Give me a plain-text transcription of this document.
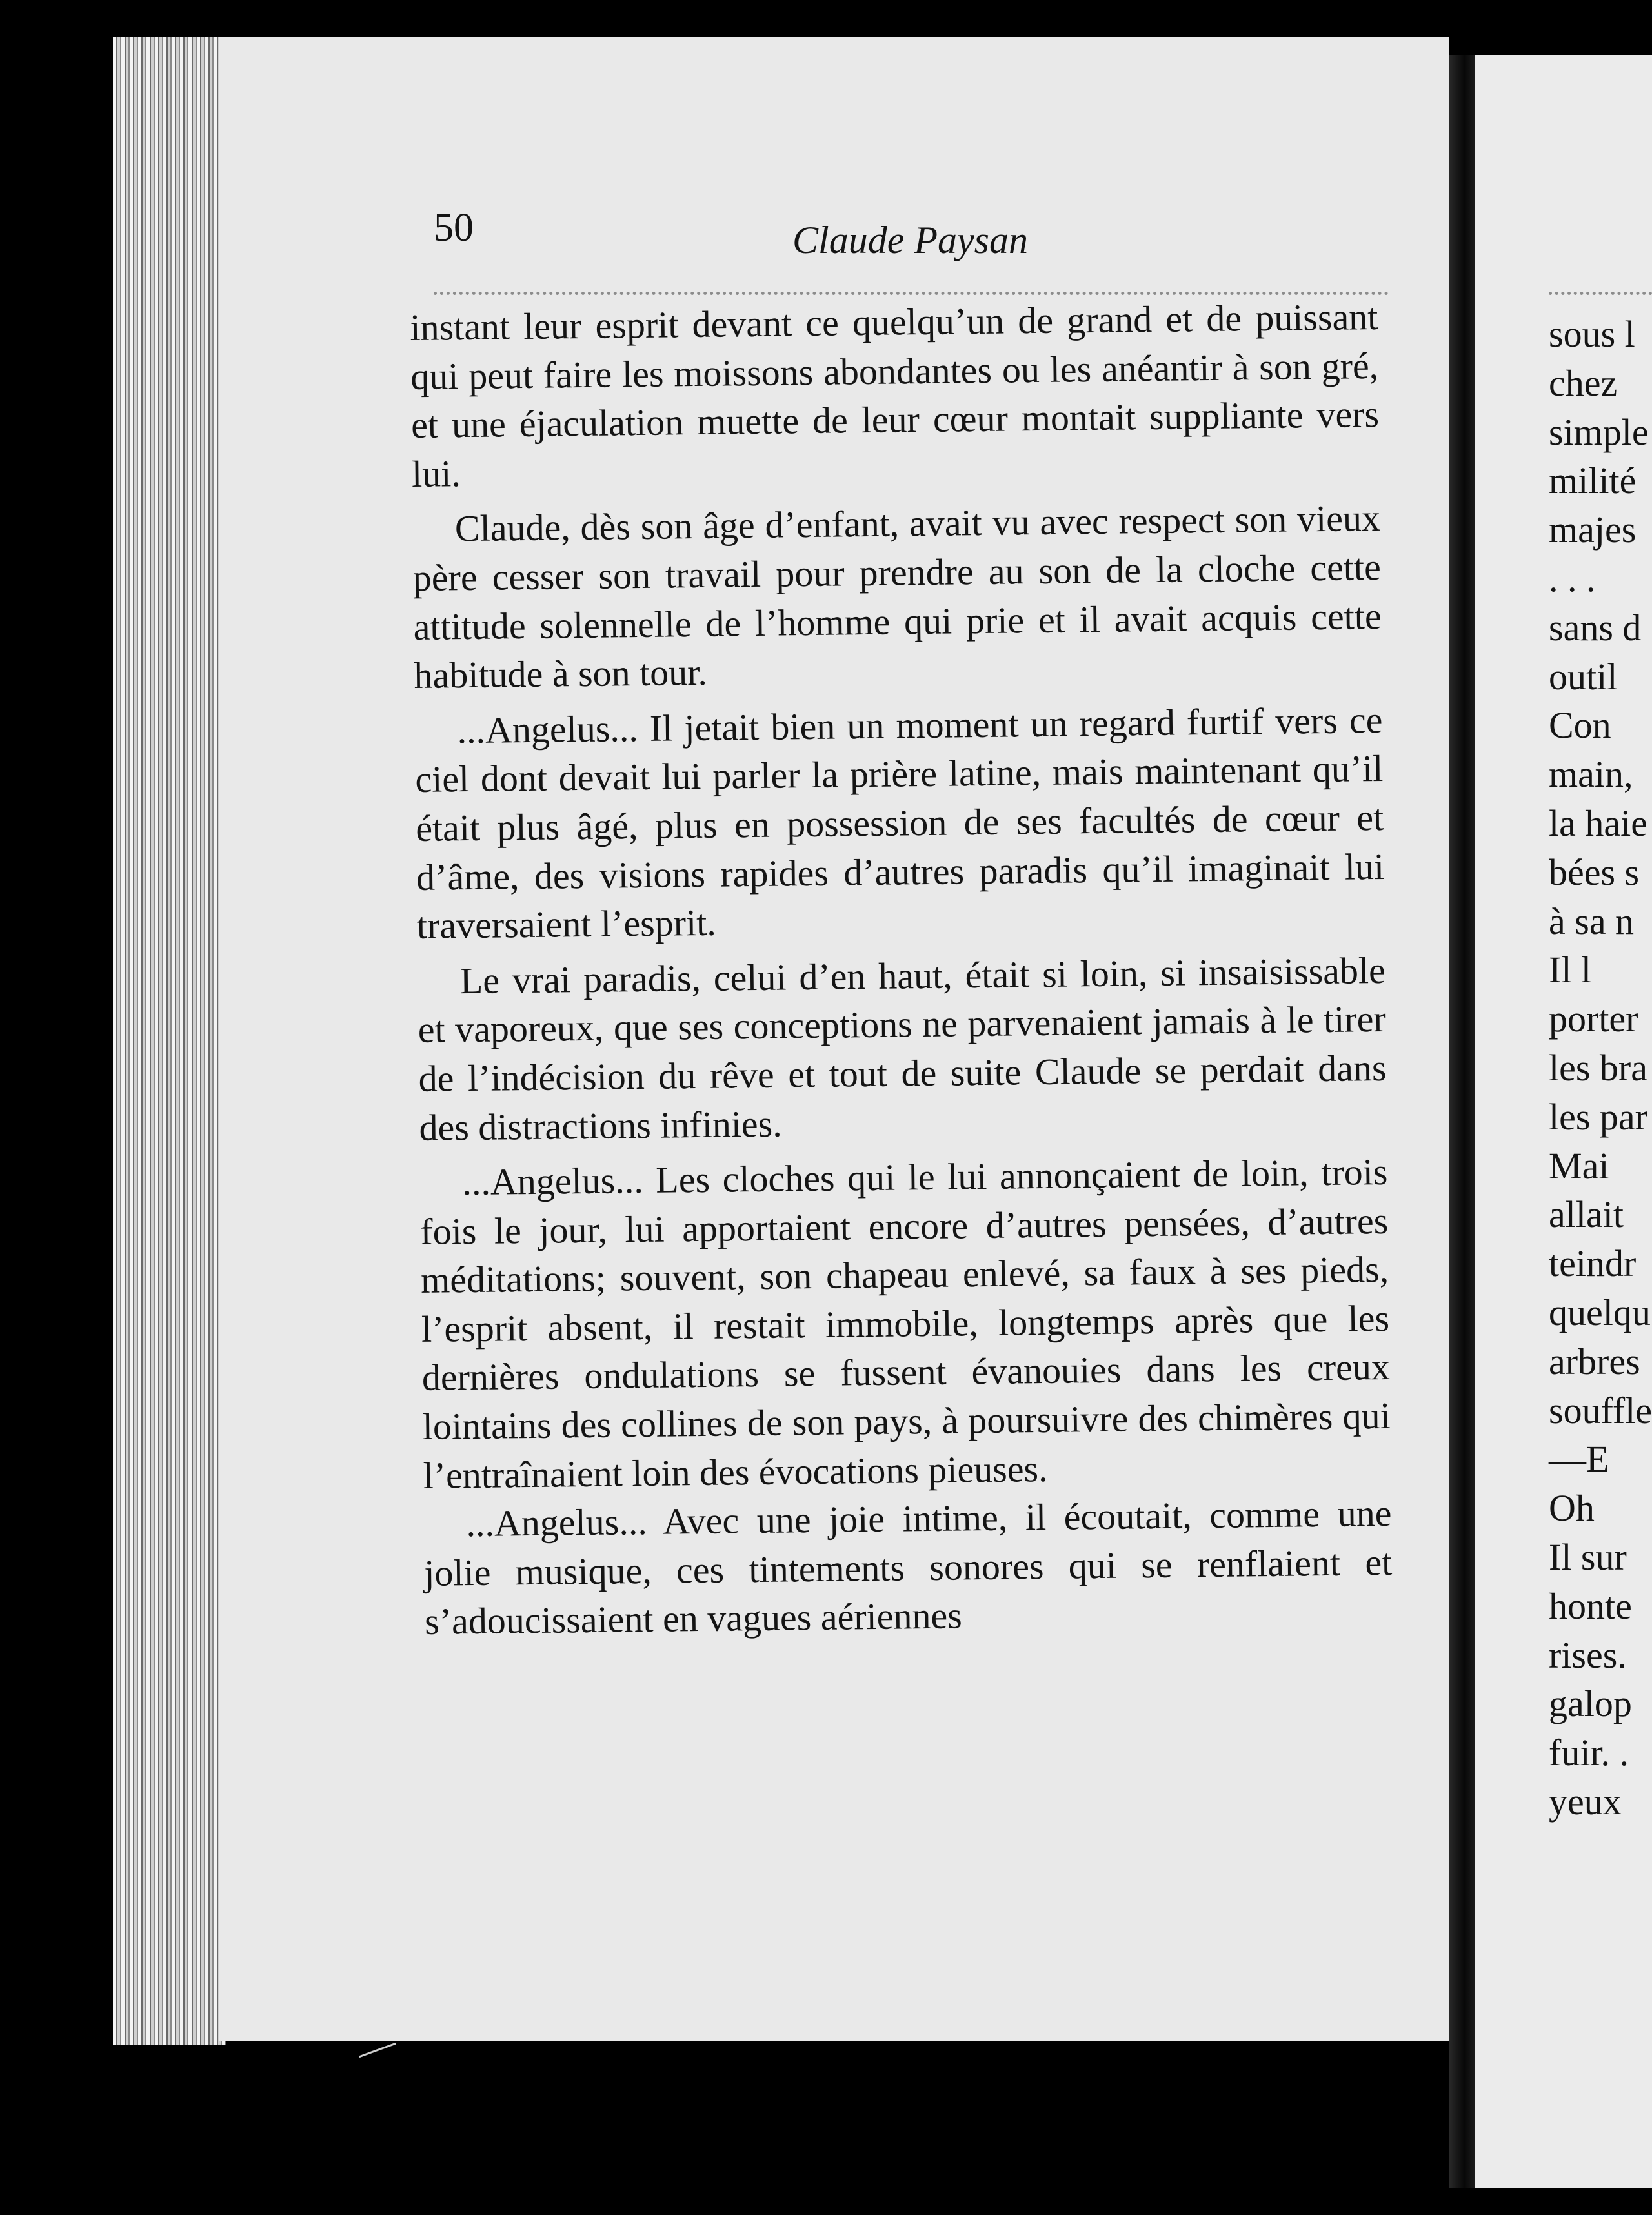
50	Claude Paysan

instant leur esprit devant ce quelqu’un de grand et de puissant qui peut faire les moissons abondantes ou les anéantir à son gré, et une éjaculation muette de leur cœur montait suppliante vers lui.

Claude, dès son âge d’enfant, avait vu avec respect son vieux père cesser son travail pour prendre au son de la cloche cette attitude solennelle de l’homme qui prie et il avait acquis cette habitude à son tour.

...Angelus... Il jetait bien un moment un regard furtif vers ce ciel dont devait lui parler la prière latine, mais maintenant qu’il était plus âgé, plus en possession de ses facultés de cœur et d’âme, des visions rapides d’autres paradis qu’il imaginait lui traversaient l’esprit.

Le vrai paradis, celui d’en haut, était si loin, si insaisissable et vaporeux, que ses conceptions ne parvenaient jamais à le tirer de l’indécision du rêve et tout de suite Claude se perdait dans des distractions infinies.

...Angelus... Les cloches qui le lui annonçaient de loin, trois fois le jour, lui apportaient encore d’autres pensées, d’autres méditations; souvent, son chapeau enlevé, sa faux à ses pieds, l’esprit absent, il restait immobile, longtemps après que les dernières ondulations se fussent évanouies dans les creux lointains des collines de son pays, à poursuivre des chimères qui l’entraînaient loin des évocations pieuses.

...Angelus... Avec une joie intime, il écoutait, comme une jolie musique, ces tintements sonores qui se renflaient et s’adoucissaient en vagues aériennes

sous l
chez
simple
milité
majes
. . .
sans d
outil
Con
main,
la haie
bées s
à sa n
Il l
porter
les bra
les par
Mai
allait
teindr
quelqu
arbres
souffle
—E
Oh
Il sur
honte
rises.
galop
fuir. .
yeux
